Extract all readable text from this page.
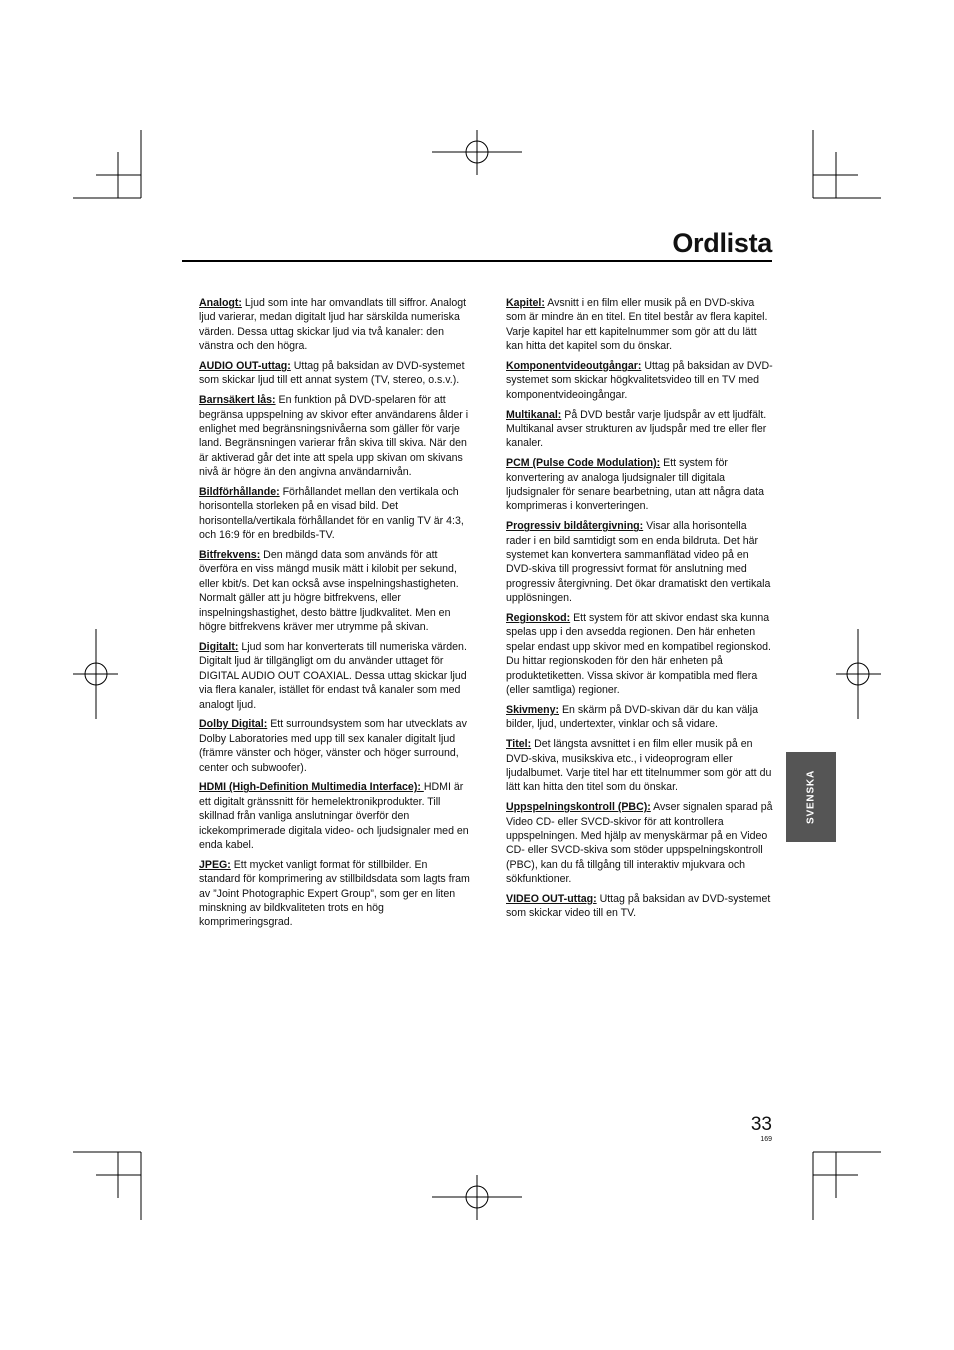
Ordlista

Analogt: Ljud som inte har omvandlats till siffror. Analogt ljud varierar, medan digitalt ljud har särskilda numeriska värden. Dessa uttag skickar ljud via två kanaler: den vänstra och den högra.

AUDIO OUT-uttag: Uttag på baksidan av DVD-systemet som skickar ljud till ett annat system (TV, stereo, o.s.v.).

Barnsäkert lås: En funktion på DVD-spelaren för att begränsa uppspelning av skivor efter användarens ålder i enlighet med begränsningsnivåerna som gäller för varje land. Begränsningen varierar från skiva till skiva. När den är aktiverad går det inte att spela upp skivan om skivans nivå är högre än den angivna användarnivån.

Bildförhållande: Förhållandet mellan den vertikala och horisontella storleken på en visad bild. Det horisontella/vertikala förhållandet för en vanlig TV är 4:3, och 16:9 för en bredbilds-TV.

Bitfrekvens: Den mängd data som används för att överföra en viss mängd musik mätt i kilobit per sekund, eller kbit/s. Det kan också avse inspelningshastigheten. Normalt gäller att ju högre bitfrekvens, eller inspelningshastighet, desto bättre ljudkvalitet. Men en högre bitfrekvens kräver mer utrymme på skivan.

Digitalt: Ljud som har konverterats till numeriska värden. Digitalt ljud är tillgängligt om du använder uttaget för DIGITAL AUDIO OUT COAXIAL. Dessa uttag skickar ljud via flera kanaler, istället för endast två kanaler som med analogt ljud.

Dolby Digital: Ett surroundsystem som har utvecklats av Dolby Laboratories med upp till sex kanaler digitalt ljud (främre vänster och höger, vänster och höger surround, center och subwoofer).

HDMI (High-Definition Multimedia Interface): HDMI är ett digitalt gränssnitt för hemelektronikprodukter. Till skillnad från vanliga anslutningar överför den ickekomprimerade digitala video- och ljudsignaler med en enda kabel.

JPEG: Ett mycket vanligt format för stillbilder. En standard för komprimering av stillbildsdata som lagts fram av ”Joint Photographic Expert Group”, som ger en liten minskning av bildkvaliteten trots en hög komprimeringsgrad.

Kapitel: Avsnitt i en film eller musik på en DVD-skiva som är mindre än en titel. En titel består av flera kapitel. Varje kapitel har ett kapitelnummer som gör att du lätt kan hitta det kapitel som du önskar.

Komponentvideoutgångar: Uttag på baksidan av DVD-systemet som skickar högkvalitetsvideo till en TV med komponentvideoingångar.

Multikanal: På DVD består varje ljudspår av ett ljudfält. Multikanal avser strukturen av ljudspår med tre eller fler kanaler.

PCM (Pulse Code Modulation): Ett system för konvertering av analoga ljudsignaler till digitala ljudsignaler för senare bearbetning, utan att några data komprimeras i konverteringen.

Progressiv bildåtergivning: Visar alla horisontella rader i en bild samtidigt som en enda bildruta. Det här systemet kan konvertera sammanflätad video på en DVD-skiva till progressivt format för anslutning med progressiv återgivning. Det ökar dramatiskt den vertikala upplösningen.

Regionskod: Ett system för att skivor endast ska kunna spelas upp i den avsedda regionen. Den här enheten spelar endast upp skivor med en kompatibel regionskod. Du hittar regionskoden för den här enheten på produktetiketten. Vissa skivor är kompatibla med flera (eller samtliga) regioner.

Skivmeny: En skärm på DVD-skivan där du kan välja bilder, ljud, undertexter, vinklar och så vidare.

Titel: Det längsta avsnittet i en film eller musik på en DVD-skiva, musikskiva etc., i videoprogram eller ljudalbumet. Varje titel har ett titelnummer som gör att du lätt kan hitta den titel som du önskar.

Uppspelningskontroll (PBC): Avser signalen sparad på Video CD- eller SVCD-skivor för att kontrollera uppspelningen. Med hjälp av menyskärmar på en Video CD- eller SVCD-skiva som stöder uppspelningskontroll (PBC), kan du få tillgång till interaktiv mjukvara och sökfunktioner.

VIDEO OUT-uttag: Uttag på baksidan av DVD-systemet som skickar video till en TV.

SVENSKA
33
169
